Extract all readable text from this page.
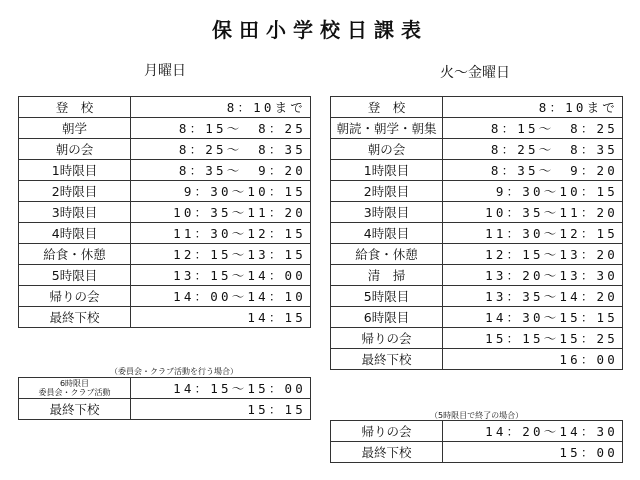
保田小学校日課表
月曜日
登　校	8：10まで
朝学	8：15～　8：25
朝の会	8：25～　8：35
1時限目	8：35～　9：20
2時限目	9：30～10：15
3時限目	10：35～11：20
4時限目	11：30～12：15
給食・休憩	12：15～13：15
5時限目	13：15～14：00
帰りの会	14：00～14：10
最終下校	14：15
（委員会・クラブ活動を行う場合）
6時限目
委員会・クラブ活動	14：15～15：00
最終下校	15：15
火～金曜日
登　校	8：10まで
朝読・朝学・朝集	8：15～　8：25
朝の会	8：25～　8：35
1時限目	8：35～　9：20
2時限目	9：30～10：15
3時限目	10：35～11：20
4時限目	11：30～12：15
給食・休憩	12：15～13：20
清　掃	13：20～13：30
5時限目	13：35～14：20
6時限目	14：30～15：15
帰りの会	15：15～15：25
最終下校	16：00
（5時限目で終了の場合）
帰りの会	14：20～14：30
最終下校	15：00
